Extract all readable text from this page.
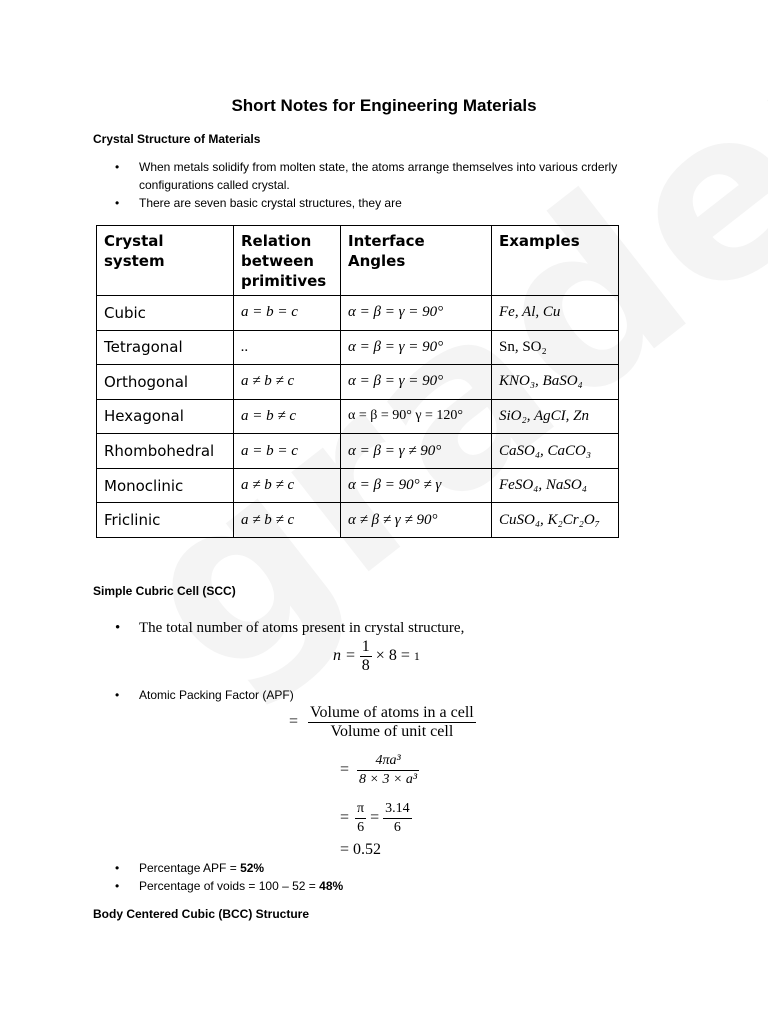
Short Notes for Engineering Materials
Crystal Structure of Materials
• When metals solidify from molten state, the atoms arrange themselves into various crderly configurations called crystal.
• There are seven basic crystal structures, they are
Crystal system	Relation between primitives	Interface Angles	Examples
Cubic	a = b = c	α = β = γ = 90°	Fe, Al, Cu
Tetragonal	..	α = β = γ = 90°	Sn, SO₂
Orthogonal	a ≠ b ≠ c	α = β = γ = 90°	KNO₃, BaSO₄
Hexagonal	a = b ≠ c	α = β = 90° γ = 120°	SiO₂, AgCI, Zn
Rhombohedral	a = b = c	α = β = γ ≠ 90°	CaSO₄, CaCO₃
Monoclinic	a ≠ b ≠ c	α = β = 90° ≠ γ	FeSO₄, NaSO₄
Friclinic	a ≠ b ≠ c	α ≠ β ≠ γ ≠ 90°	CuSO₄, K₂Cr₂O₇
Simple Cubric Cell (SCC)
• The total number of atoms present in crystal structure,
$n = \frac{1}{8} \times 8 = 1$
• Atomic Packing Factor (APF)
= $\frac{\text{Volume of atoms in a cell}}{\text{Volume of unit cell}}$
= $\frac{\text{4πa³}}{\text{8 × 3 × a³}}$
= $\frac{\pi}{6} = \frac{3.14}{6}$
= 0.52
• Percentage APF = 52%
• Percentage of voids = 100 – 52 = 48%
Body Centered Cubic (BCC) Structure
